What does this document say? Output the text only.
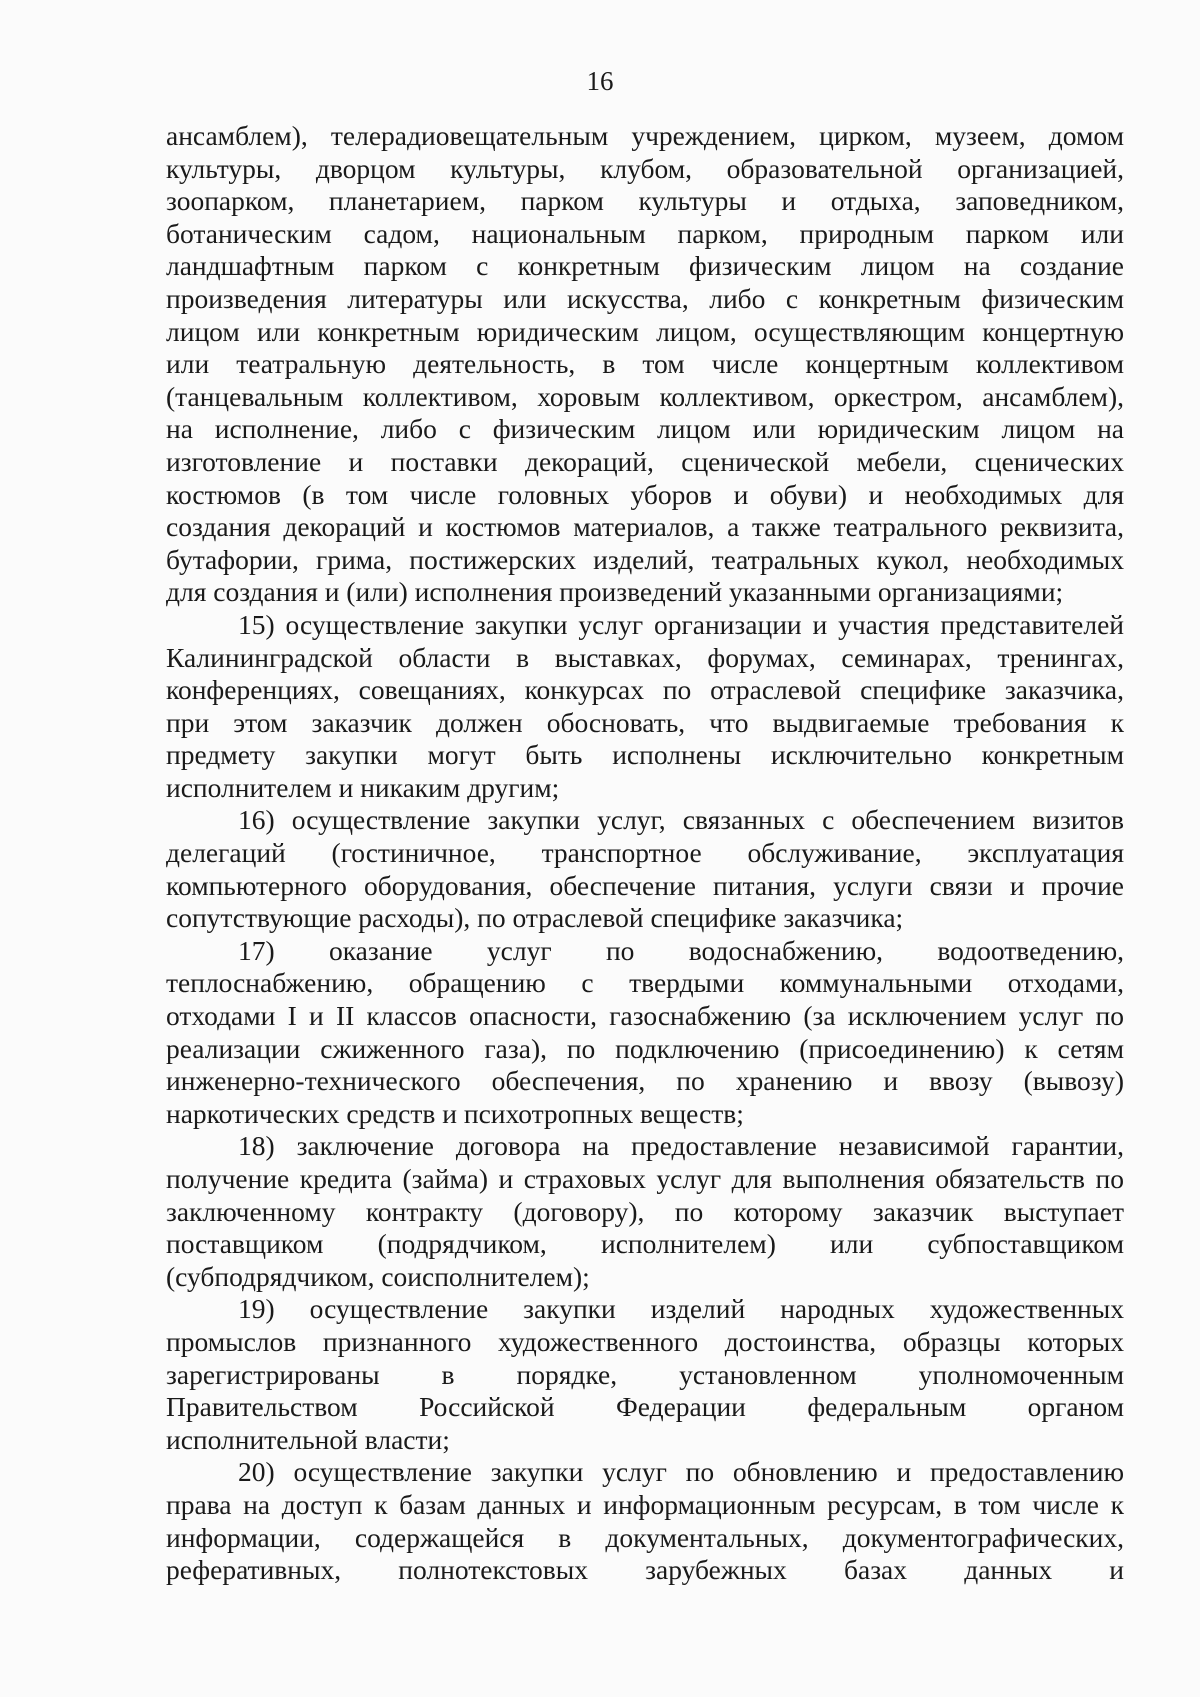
16
ансамблем), телерадиовещательным учреждением, цирком, музеем, домом
культуры, дворцом культуры, клубом, образовательной организацией,
зоопарком, планетарием, парком культуры и отдыха, заповедником,
ботаническим садом, национальным парком, природным парком или
ландшафтным парком с конкретным физическим лицом на создание
произведения литературы или искусства, либо с конкретным физическим
лицом или конкретным юридическим лицом, осуществляющим концертную
или театральную деятельность, в том числе концертным коллективом
(танцевальным коллективом, хоровым коллективом, оркестром, ансамблем),
на исполнение, либо с физическим лицом или юридическим лицом на
изготовление и поставки декораций, сценической мебели, сценических
костюмов (в том числе головных уборов и обуви) и необходимых для
создания декораций и костюмов материалов, а также театрального реквизита,
бутафории, грима, постижерских изделий, театральных кукол, необходимых
для создания и (или) исполнения произведений указанными организациями;
15) осуществление закупки услуг организации и участия представителей
Калининградской области в выставках, форумах, семинарах, тренингах,
конференциях, совещаниях, конкурсах по отраслевой специфике заказчика,
при этом заказчик должен обосновать, что выдвигаемые требования к
предмету закупки могут быть исполнены исключительно конкретным
исполнителем и никаким другим;
16) осуществление закупки услуг, связанных с обеспечением визитов
делегаций (гостиничное, транспортное обслуживание, эксплуатация
компьютерного оборудования, обеспечение питания, услуги связи и прочие
сопутствующие расходы), по отраслевой специфике заказчика;
17) оказание услуг по водоснабжению, водоотведению,
теплоснабжению, обращению с твердыми коммунальными отходами,
отходами I и II классов опасности, газоснабжению (за исключением услуг по
реализации сжиженного газа), по подключению (присоединению) к сетям
инженерно-технического обеспечения, по хранению и ввозу (вывозу)
наркотических средств и психотропных веществ;
18) заключение договора на предоставление независимой гарантии,
получение кредита (займа) и страховых услуг для выполнения обязательств по
заключенному контракту (договору), по которому заказчик выступает
поставщиком (подрядчиком, исполнителем) или субпоставщиком
(субподрядчиком, соисполнителем);
19) осуществление закупки изделий народных художественных
промыслов признанного художественного достоинства, образцы которых
зарегистрированы в порядке, установленном уполномоченным
Правительством Российской Федерации федеральным органом
исполнительной власти;
20) осуществление закупки услуг по обновлению и предоставлению
права на доступ к базам данных и информационным ресурсам, в том числе к
информации, содержащейся в документальных, документографических,
реферативных, полнотекстовых зарубежных базах данных и
